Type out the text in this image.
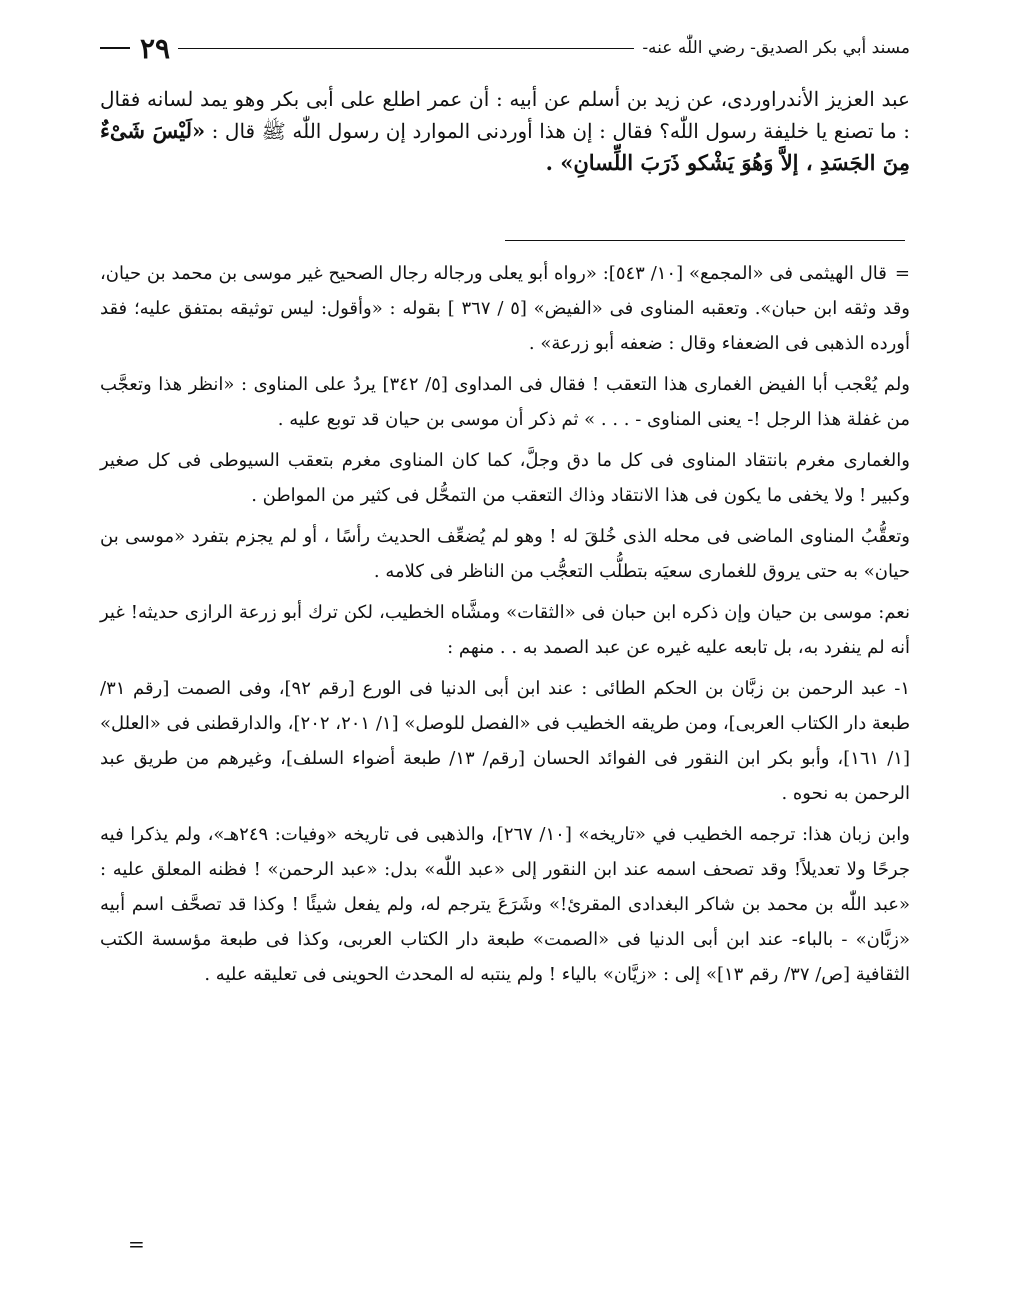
مسند أبي بكر الصديق- رضي اللّٰه عنه-
٢٩
عبد العزيز الأندراوردى، عن زيد بن أسلم عن أبيه : أن عمر اطلع على أبى بكر وهو يمد لسانه فقال : ما تصنع يا خليفة رسول اللّٰه؟ فقال : إن هذا أوردنى الموارد إن رسول اللّٰه ﷺ قال : «لَيْسَ شَىْءٌ مِنَ الجَسَدِ ، إلاَّ وَهُوَ يَشْكو ذَرَبَ اللِّسانِ» .

=قال الهيثمى فى «المجمع» [١٠/ ٥٤٣]: «رواه أبو يعلى ورجاله رجال الصحيح غير موسى بن محمد بن حيان، وقد وثقه ابن حبان». وتعقبه المناوى فى «الفيض» [٥ / ٣٦٧ ] بقوله : «وأقول: ليس توثيقه بمتفق عليه؛ فقد أورده الذهبى فى الضعفاء وقال : ضعفه أبو زرعة» .

ولم يُعْجب أبا الفيض الغمارى هذا التعقب ! فقال فى المداوى [٥/ ٣٤٢] يردُ على المناوى : «انظر هذا وتعجَّب من غفلة هذا الرجل !- يعنى المناوى - . . . » ثم ذكر أن موسى بن حيان قد توبع عليه .

والغمارى مغرم بانتقاد المناوى فى كل ما دق وجلَّ، كما كان المناوى مغرم بتعقب السيوطى فى كل صغير وكبير ! ولا يخفى ما يكون فى هذا الانتقاد وذاك التعقب من التمحُّل فى كثير من المواطن .

وتعقُّبُ المناوى الماضى فى محله الذى خُلقَ له ! وهو لم يُضعِّف الحديث رأسًا ، أو لم يجزم بتفرد «موسى بن حيان» به حتى يروق للغمارى سعيَه بتطلُّب التعجُّب من الناظر فى كلامه .

نعم: موسى بن حيان وإن ذكره ابن حبان فى «الثقات» ومشَّاه الخطيب، لكن ترك أبو زرعة الرازى حديثه! غير أنه لم ينفرد به، بل تابعه عليه غيره عن عبد الصمد به . . منهم :

١- عبد الرحمن بن زبَّان بن الحكم الطائى : عند ابن أبى الدنيا فى الورع [رقم ٩٢]، وفى الصمت [رقم ٣١/ طبعة دار الكتاب العربى]، ومن طريقه الخطيب فى «الفصل للوصل» [١/ ٢٠١، ٢٠٢]، والدارقطنى فى «العلل» [١/ ١٦١]، وأبو بكر ابن النقور فى الفوائد الحسان [رقم/ ١٣/ طبعة أضواء السلف]، وغيرهم من طريق عبد الرحمن به نحوه .

وابن زبان هذا: ترجمه الخطيب في «تاريخه» [١٠/ ٢٦٧]، والذهبى فى تاريخه «وفيات: ٢٤٩هـ»، ولم يذكرا فيه جرحًا ولا تعديلاً! وقد تصحف اسمه عند ابن النقور إلى «عبد اللّٰه» بدل: «عبد الرحمن» ! فظنه المعلق عليه : «عبد اللّٰه بن محمد بن شاكر البغدادى المقرئ!» وشَرَعَ يترجم له، ولم يفعل شيئًا ! وكذا قد تصحَّف اسم أبيه «زبَّان» - بالباء- عند ابن أبى الدنيا فى «الصمت» طبعة دار الكتاب العربى، وكذا فى طبعة مؤسسة الكتب الثقافية [ص/ ٣٧/ رقم ١٣]» إلى : «زيَّان» بالياء ! ولم ينتبه له المحدث الحوينى فى تعليقه عليه .

=
